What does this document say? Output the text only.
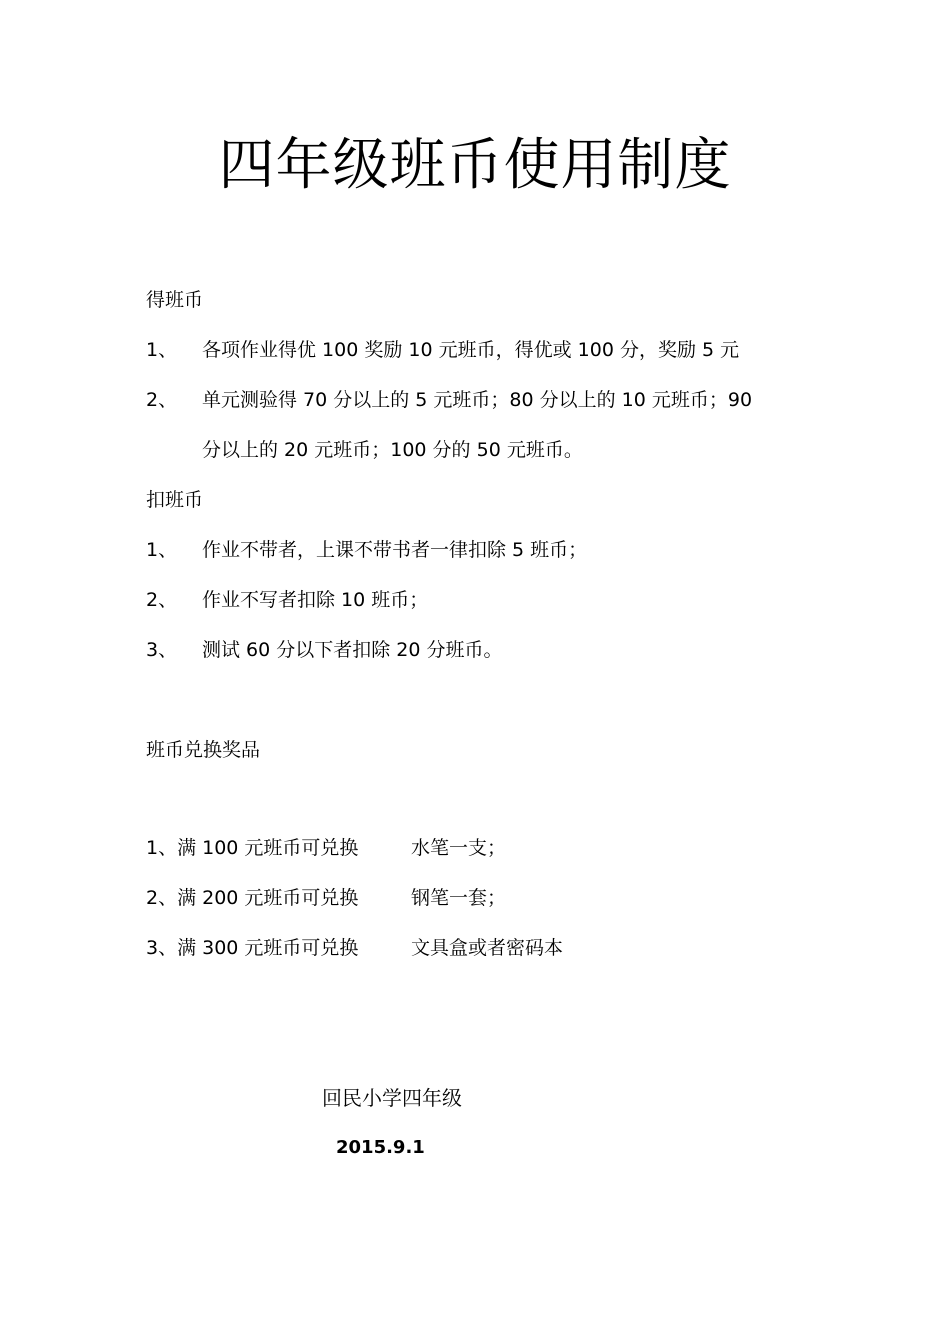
四年级班币使用制度
得班币
1、 各项作业得优 100 奖励 10 元班币，得优或 100 分，奖励 5 元
2、 单元测验得 70 分以上的 5 元班币；80 分以上的 10 元班币；90
分以上的 20 元班币；100 分的 50 元班币。
扣班币
1、 作业不带者，上课不带书者一律扣除 5 班币；
2、 作业不写者扣除 10 班币；
3、 测试 60 分以下者扣除 20 分班币。
班币兑换奖品
1、满 100 元班币可兑换	水笔一支；
2、满 200 元班币可兑换	钢笔一套；
3、满 300 元班币可兑换	文具盒或者密码本
回民小学四年级
2015.9.1
